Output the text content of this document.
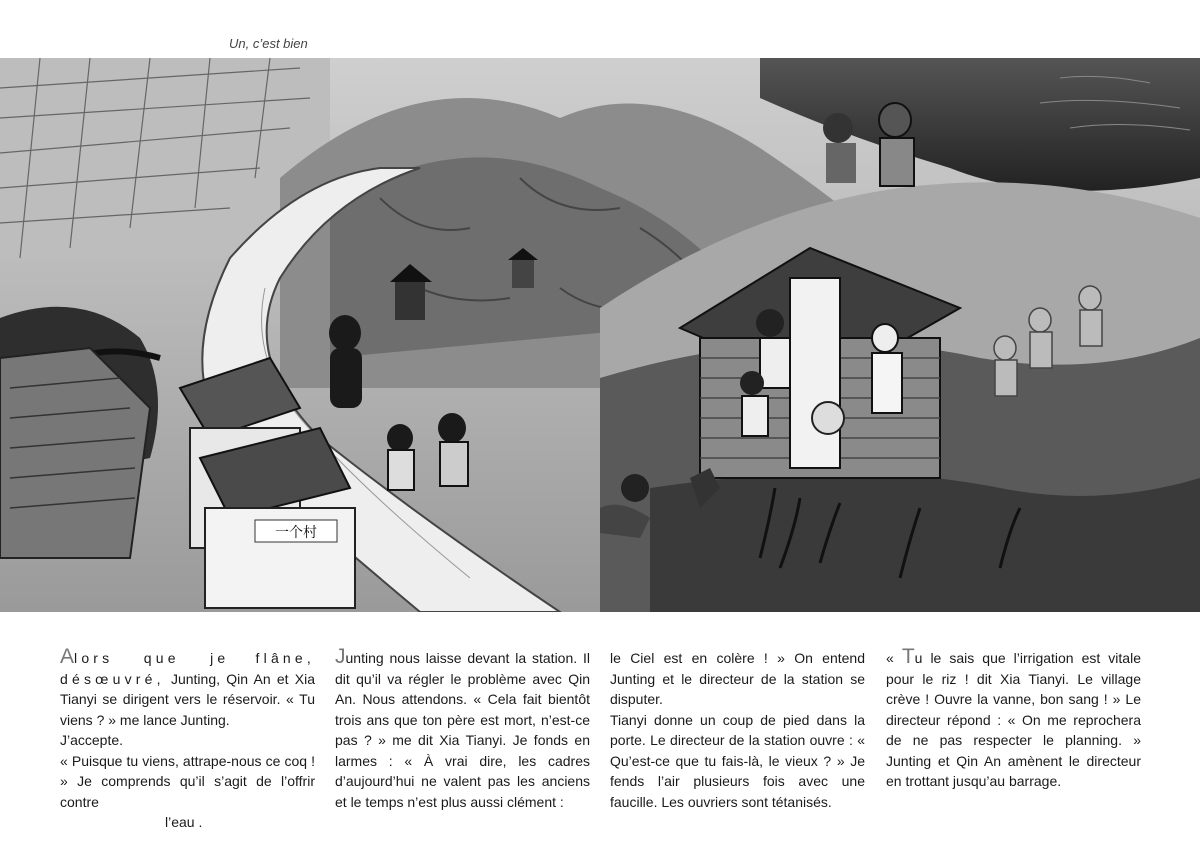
Un, c’est bien
一个村

Alors que je flâne, désœuvré, Junting, Qin An et Xia Tianyi se dirigent vers le réservoir. « Tu viens ? » me lance Junting.
J’accepte.
« Puisque tu viens, attrape-nous ce coq ! » Je comprends qu’il s’agit de l’offrir contre
l’eau .

Junting nous laisse devant la station. Il dit qu’il va régler le problème avec Qin An. Nous attendons. « Cela fait bientôt trois ans que ton père est mort, n’est-ce pas ? » me dit Xia Tianyi. Je fonds en larmes : « À vrai dire, les cadres d’aujourd’hui ne valent pas les anciens et le temps n’est plus aussi clément :

le Ciel est en colère ! » On entend Junting et le directeur de la station se disputer.

Tianyi donne un coup de pied dans la porte. Le directeur de la station ouvre : « Qu’est-ce que tu fais-là, le vieux ? » Je fends l’air plusieurs fois avec une faucille. Les ouvriers sont tétanisés.

« Tu le sais que l’irrigation est vitale pour le riz ! dit Xia Tianyi. Le village crève ! Ouvre la vanne, bon sang ! » Le directeur répond : « On me reprochera de ne pas respecter le planning. » Junting et Qin An amènent le directeur en trottant jusqu’au barrage.
